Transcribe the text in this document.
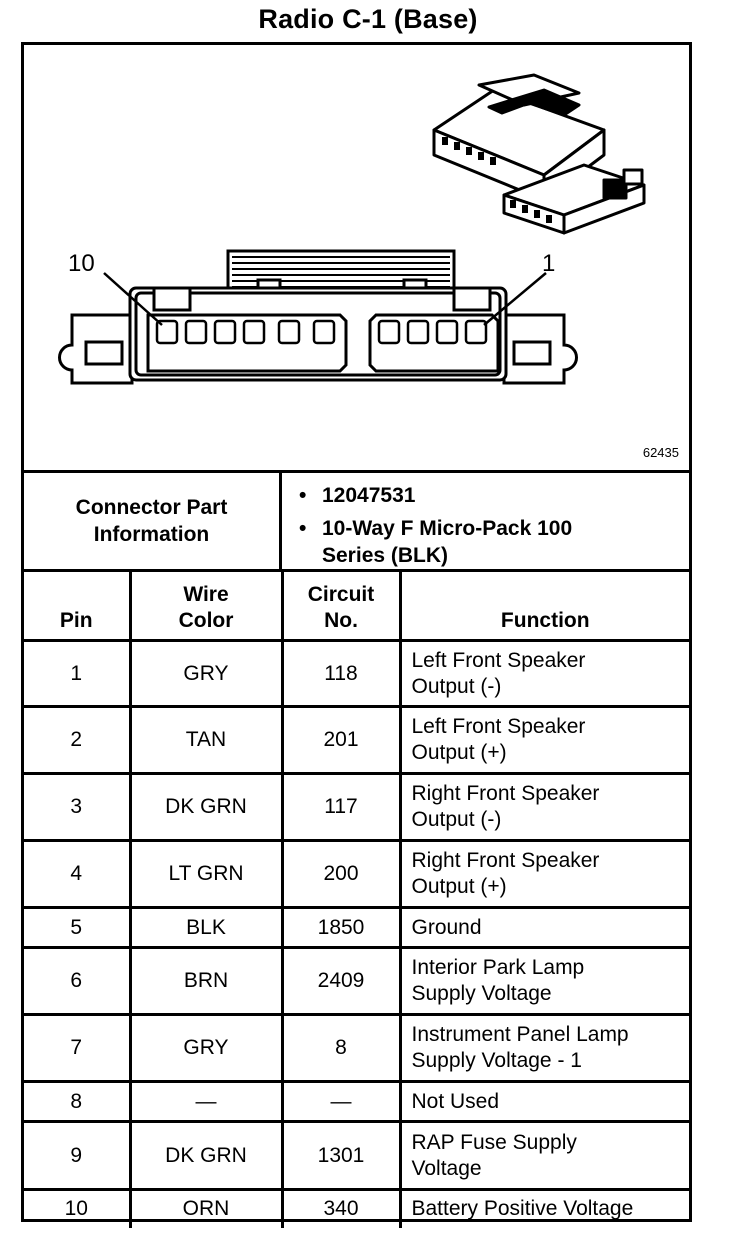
Radio C-1 (Base)
10	1
62435
Connector Part Information
• 12047531
• 10-Way F Micro-Pack 100 Series (BLK)
Pin	Wire Color	Circuit No.	Function
1	GRY	118	Left Front Speaker Output (-)

2	TAN	201	Left Front Speaker Output (+)

3	DK GRN	117	Right Front Speaker Output (-)

4	LT GRN	200	Right Front Speaker Output (+)

5	BLK	1850	Ground

6	BRN	2409	Interior Park Lamp Supply Voltage

7	GRY	8	Instrument Panel Lamp Supply Voltage - 1

8	—	—	Not Used

9	DK GRN	1301	RAP Fuse Supply Voltage

10	ORN	340	Battery Positive Voltage
